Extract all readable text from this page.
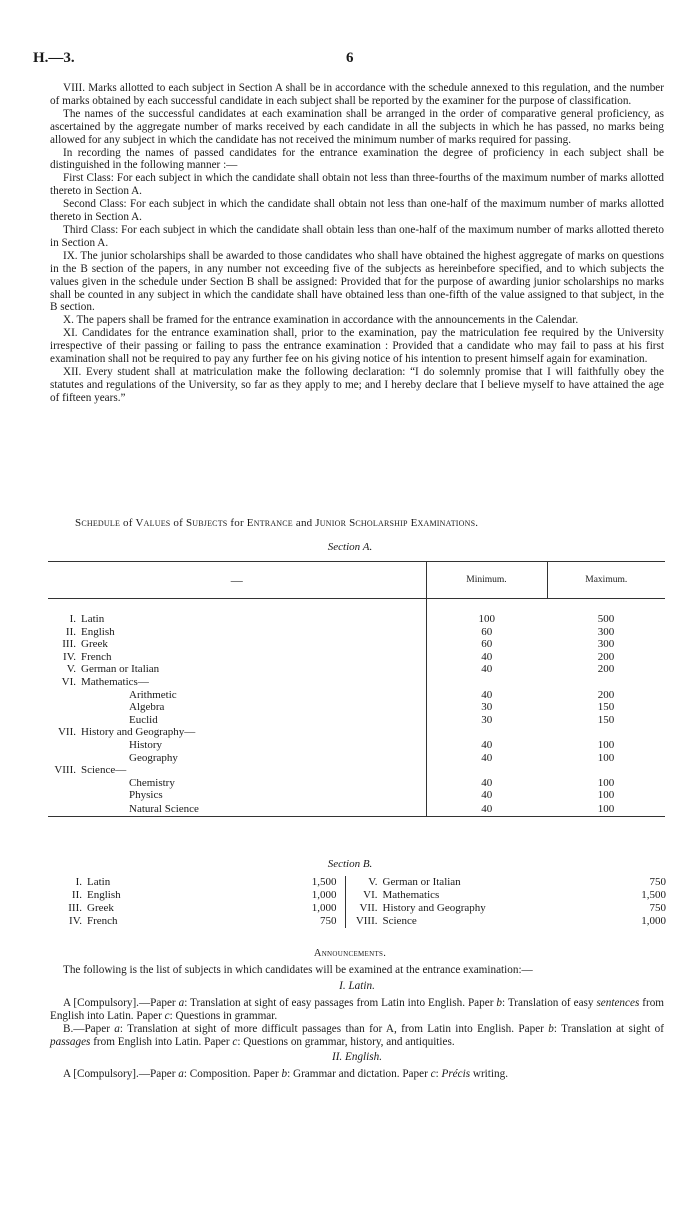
H.—3.	6

VIII. Marks allotted to each subject in Section A shall be in accordance with the schedule annexed to this regulation, and the number of marks obtained by each successful candidate in each subject shall be reported by the examiner for the purpose of classification.

The names of the successful candidates at each examination shall be arranged in the order of comparative general proficiency, as ascertained by the aggregate number of marks received by each candidate in all the subjects in which he has passed, no marks being allowed for any subject in which the candidate has not received the minimum number of marks required for passing.

In recording the names of passed candidates for the entrance examination the degree of proficiency in each subject shall be distinguished in the following manner :—

First Class: For each subject in which the candidate shall obtain not less than three-fourths of the maximum number of marks allotted thereto in Section A.

Second Class: For each subject in which the candidate shall obtain not less than one-half of the maximum number of marks allotted thereto in Section A.

Third Class: For each subject in which the candidate shall obtain less than one-half of the maximum number of marks allotted thereto in Section A.

IX. The junior scholarships shall be awarded to those candidates who shall have obtained the highest aggregate of marks on questions in the B section of the papers, in any number not exceeding five of the subjects as hereinbefore specified, and to which subjects the values given in the schedule under Section B shall be assigned: Provided that for the purpose of awarding junior scholarships no marks shall be counted in any subject in which the candidate shall have obtained less than one-fifth of the value assigned to that subject, in the B section.

X. The papers shall be framed for the entrance examination in accordance with the announcements in the Calendar.

XI. Candidates for the entrance examination shall, prior to the examination, pay the matriculation fee required by the University irrespective of their passing or failing to pass the entrance examination : Provided that a candidate who may fail to pass at his first examination shall not be required to pay any further fee on his giving notice of his intention to present himself again for examination.

XII. Every student shall at matriculation make the following declaration: “I do solemnly promise that I will faithfully obey the statutes and regulations of the University, so far as they apply to me; and I hereby declare that I believe myself to have attained the age of fifteen years.”

Schedule of Values of Subjects for Entrance and Junior Scholarship Examinations.
Section A.
—	Minimum.	Maximum.

I. Latin	100	500
II. English	60	300
III. Greek	60	300
IV. French	40	200
V. German or Italian	40	200
VI. Mathematics—		
Arithmetic	40	200
Algebra	30	150
Euclid	30	150
VII. History and Geography—		
History	40	100
Geography	40	100
VIII. Science—		
Chemistry	40	100
Physics	40	100
Natural Science	40	100
Section B.
I. Latin	1,500	V. German or Italian	750
II. English	1,000	VI. Mathematics	1,500
III. Greek	1,000	VII. History and Geography	750
IV. French	750	VIII. Science	1,000
Announcements.

The following is the list of subjects in which candidates will be examined at the entrance examination:—

I. Latin.

A [Compulsory].—Paper a: Translation at sight of easy passages from Latin into English. Paper b: Translation of easy sentences from English into Latin. Paper c: Questions in grammar.

B.—Paper a: Translation at sight of more difficult passages than for A, from Latin into English. Paper b: Translation at sight of passages from English into Latin. Paper c: Questions on grammar, history, and antiquities.

II. English.

A [Compulsory].—Paper a: Composition. Paper b: Grammar and dictation. Paper c: Précis writing.
